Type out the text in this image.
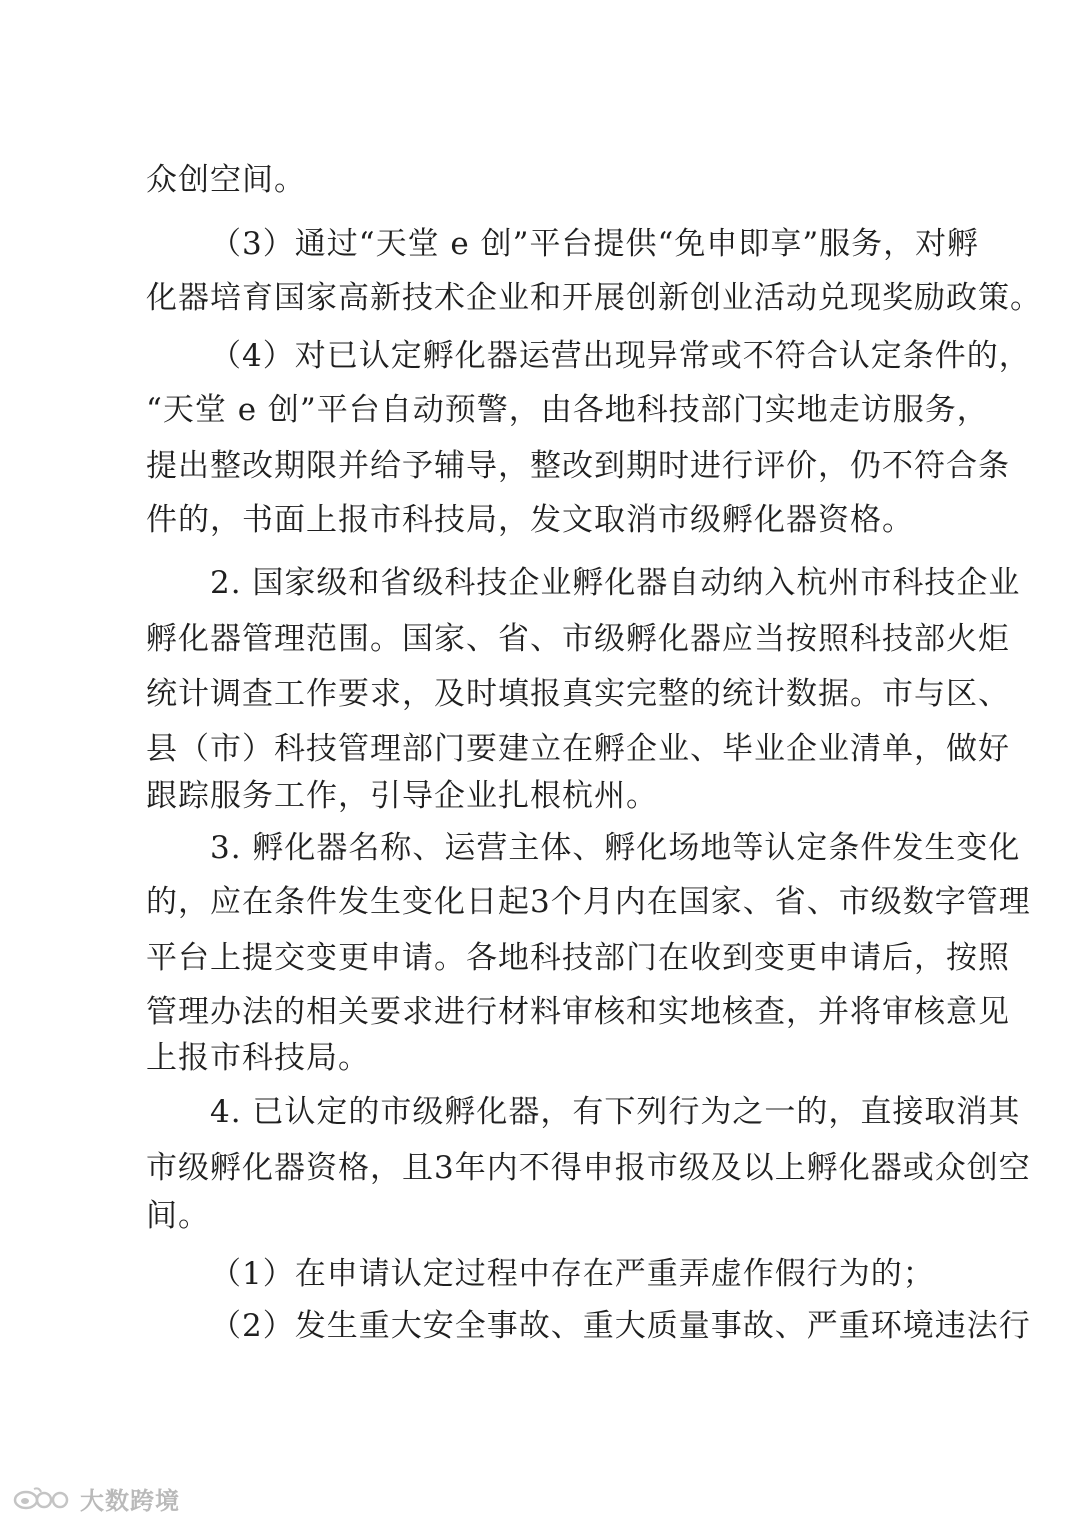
众创空间。
（3）通过“天堂 e 创”平台提供“免申即享”服务，对孵
化器培育国家高新技术企业和开展创新创业活动兑现奖励政策。
（4）对已认定孵化器运营出现异常或不符合认定条件的，
“天堂 e 创”平台自动预警，由各地科技部门实地走访服务，
提出整改期限并给予辅导，整改到期时进行评价，仍不符合条
件的，书面上报市科技局，发文取消市级孵化器资格。
2. 国家级和省级科技企业孵化器自动纳入杭州市科技企业
孵化器管理范围。国家、省、市级孵化器应当按照科技部火炬
统计调查工作要求，及时填报真实完整的统计数据。市与区、
县（市）科技管理部门要建立在孵企业、毕业企业清单，做好
跟踪服务工作，引导企业扎根杭州。
3. 孵化器名称、运营主体、孵化场地等认定条件发生变化
的，应在条件发生变化日起3个月内在国家、省、市级数字管理
平台上提交变更申请。各地科技部门在收到变更申请后，按照
管理办法的相关要求进行材料审核和实地核查，并将审核意见
上报市科技局。
4. 已认定的市级孵化器，有下列行为之一的，直接取消其
市级孵化器资格，且3年内不得申报市级及以上孵化器或众创空
间。
（1）在申请认定过程中存在严重弄虚作假行为的；
（2）发生重大安全事故、重大质量事故、严重环境违法行
大数跨境
